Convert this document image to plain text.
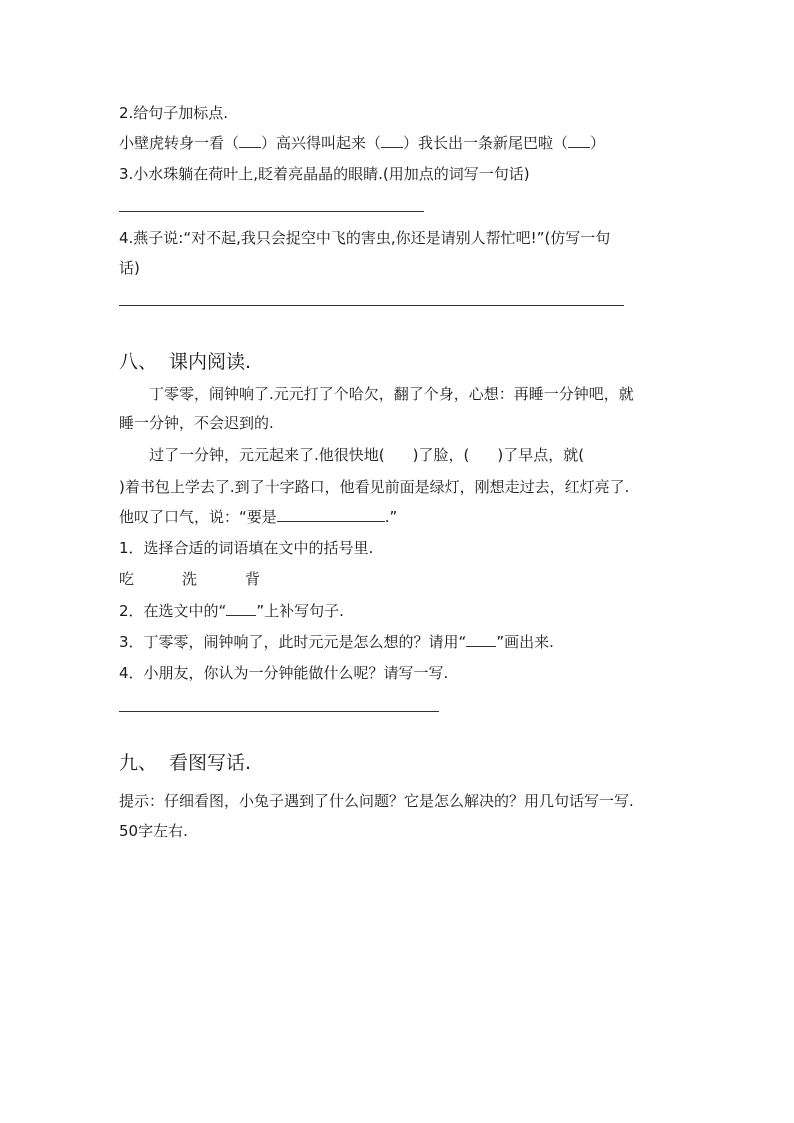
2.给句子加标点.
小壁虎转身一看（ ）高兴得叫起来（ ）我长出一条新尾巴啦（ ）
3.小水珠躺在荷叶上,眨着亮晶晶的眼睛.(用加点的词写一句话)
4.燕子说:“对不起,我只会捉空中飞的害虫,你还是请别人帮忙吧!”(仿写一句
话)
八、 课内阅读.
丁零零，闹钟响了.元元打了个哈欠，翻了个身，心想：再睡一分钟吧，就
睡一分钟，不会迟到的.
过了一分钟，元元起来了.他很快地( )了脸，( )了早点，就(
)着书包上学去了.到了十字路口，他看见前面是绿灯，刚想走过去，红灯亮了.
他叹了口气，说：“要是	.”
1．选择合适的词语填在文中的括号里.
吃	洗	背
2．在选文中的“ ”上补写句子.
3．丁零零，闹钟响了，此时元元是怎么想的？请用“ ”画出来.
4．小朋友，你认为一分钟能做什么呢？请写一写.
九、 看图写话.
提示：仔细看图，小兔子遇到了什么问题？它是怎么解决的？用几句话写一写.
50字左右.
